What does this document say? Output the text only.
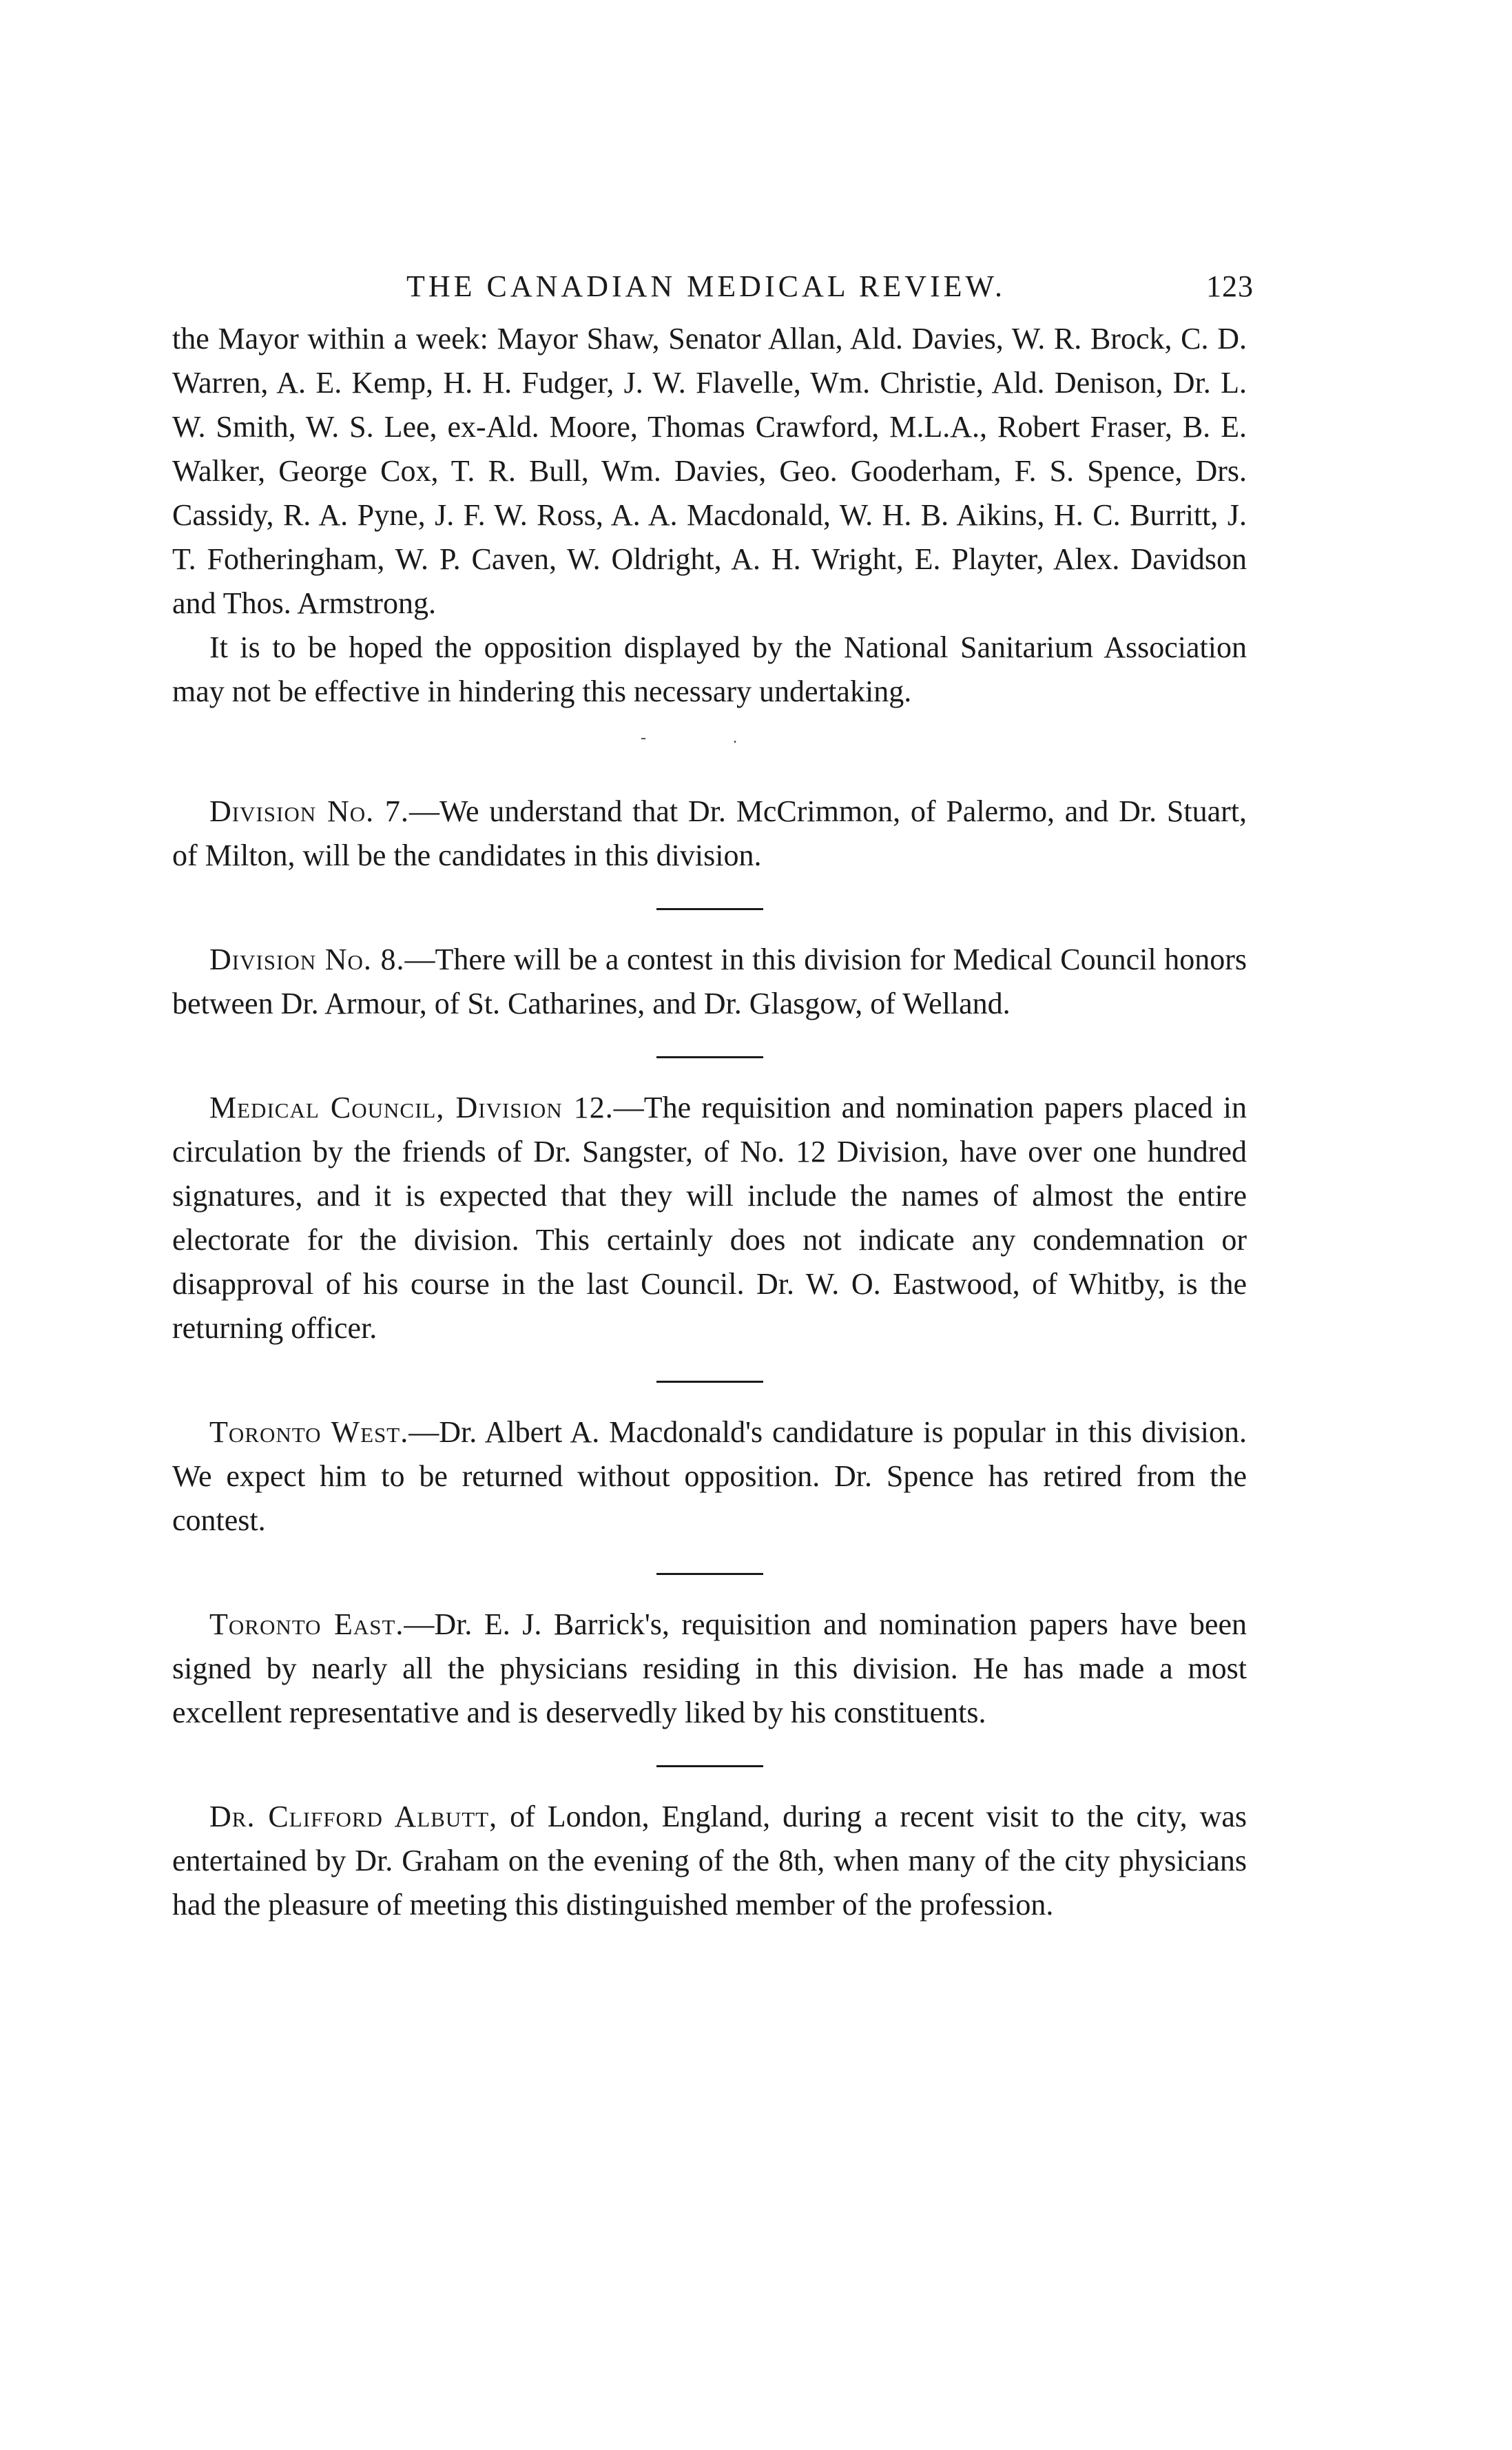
THE CANADIAN MEDICAL REVIEW.	123

the Mayor within a week: Mayor Shaw, Senator Allan, Ald. Davies, W. R. Brock, C. D. Warren, A. E. Kemp, H. H. Fudger, J. W. Flavelle, Wm. Christie, Ald. Denison, Dr. L. W. Smith, W. S. Lee, ex-Ald. Moore, Thomas Crawford, M.L.A., Robert Fraser, B. E. Walker, George Cox, T. R. Bull, Wm. Davies, Geo. Gooderham, F. S. Spence, Drs. Cassidy, R. A. Pyne, J. F. W. Ross, A. A. Macdonald, W. H. B. Aikins, H. C. Burritt, J. T. Fotheringham, W. P. Caven, W. Oldright, A. H. Wright, E. Playter, Alex. Davidson and Thos. Armstrong.

It is to be hoped the opposition displayed by the National Sanitarium Association may not be effective in hindering this necessary undertaking.

- .

Division No. 7.—We understand that Dr. McCrimmon, of Palermo, and Dr. Stuart, of Milton, will be the candidates in this division.

Division No. 8.—There will be a contest in this division for Medical Council honors between Dr. Armour, of St. Catharines, and Dr. Glasgow, of Welland.

Medical Council, Division 12.—The requisition and nomination papers placed in circulation by the friends of Dr. Sangster, of No. 12 Division, have over one hundred signatures, and it is expected that they will include the names of almost the entire electorate for the division. This certainly does not indicate any condemnation or disapproval of his course in the last Council. Dr. W. O. Eastwood, of Whitby, is the returning officer.

Toronto West.—Dr. Albert A. Macdonald's candidature is popular in this division. We expect him to be returned without opposition. Dr. Spence has retired from the contest.

Toronto East.—Dr. E. J. Barrick's, requisition and nomination papers have been signed by nearly all the physicians residing in this division. He has made a most excellent representative and is deservedly liked by his constituents.

Dr. Clifford Albutt, of London, England, during a recent visit to the city, was entertained by Dr. Graham on the evening of the 8th, when many of the city physicians had the pleasure of meeting this distinguished member of the profession.
